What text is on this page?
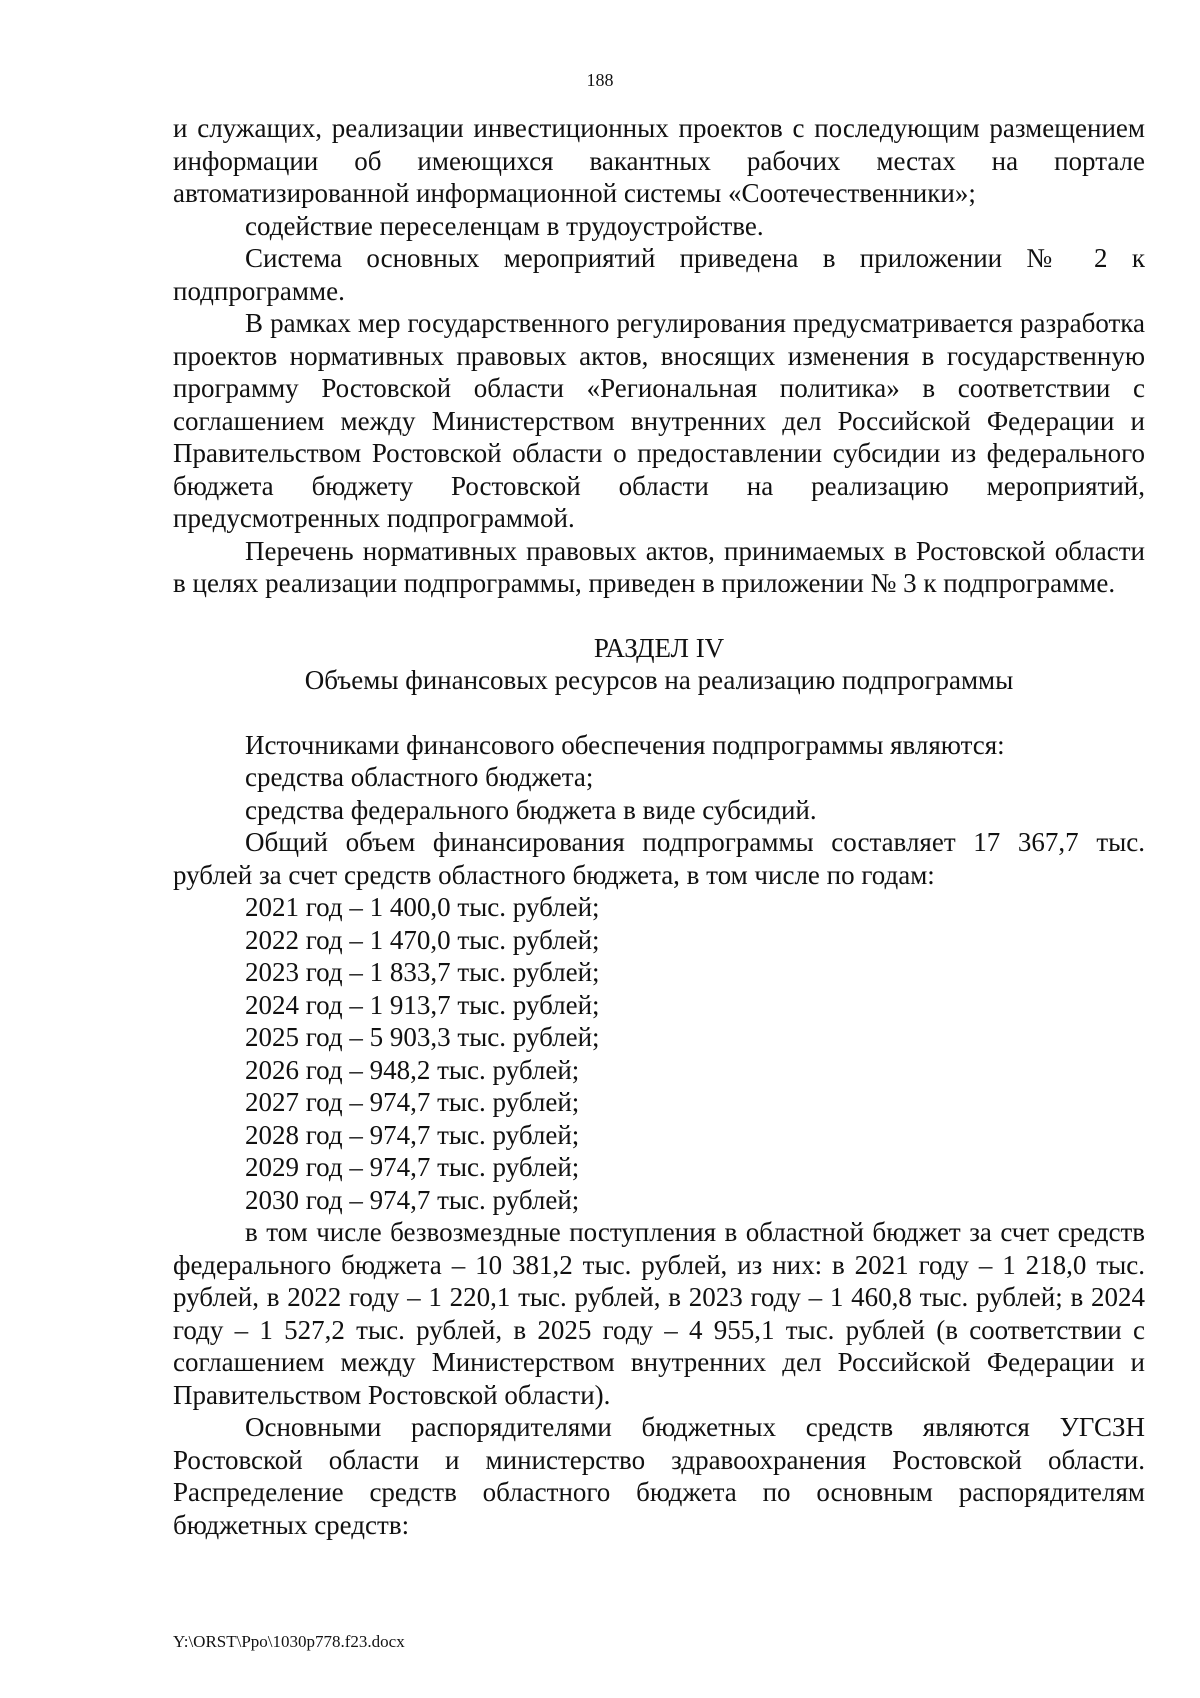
188

и служащих, реализации инвестиционных проектов с последующим размещением информации об имеющихся вакантных рабочих местах на портале автоматизированной информационной системы «Соотечественники»;

содействие переселенцам в трудоустройстве.

Система основных мероприятий приведена в приложении № 2 к подпрограмме.

В рамках мер государственного регулирования предусматривается разработка проектов нормативных правовых актов, вносящих изменения в государственную программу Ростовской области «Региональная политика» в соответствии с соглашением между Министерством внутренних дел Российской Федерации и Правительством Ростовской области о предоставлении субсидии из федерального бюджета бюджету Ростовской области на реализацию мероприятий, предусмотренных подпрограммой.

Перечень нормативных правовых актов, принимаемых в Ростовской области в целях реализации подпрограммы, приведен в приложении № 3 к подпрограмме.

РАЗДЕЛ IV

Объемы финансовых ресурсов на реализацию подпрограммы

Источниками финансового обеспечения подпрограммы являются:

средства областного бюджета;

средства федерального бюджета в виде субсидий.

Общий объем финансирования подпрограммы составляет 17 367,7 тыс. рублей за счет средств областного бюджета, в том числе по годам:

2021 год – 1 400,0 тыс. рублей;

2022 год – 1 470,0 тыс. рублей;

2023 год – 1 833,7 тыс. рублей;

2024 год – 1 913,7 тыс. рублей;

2025 год – 5 903,3 тыс. рублей;

2026 год – 948,2 тыс. рублей;

2027 год – 974,7 тыс. рублей;

2028 год – 974,7 тыс. рублей;

2029 год – 974,7 тыс. рублей;

2030 год – 974,7 тыс. рублей;

в том числе безвозмездные поступления в областной бюджет за счет средств федерального бюджета – 10 381,2 тыс. рублей, из них: в 2021 году – 1 218,0 тыс. рублей, в 2022 году – 1 220,1 тыс. рублей, в 2023 году – 1 460,8 тыс. рублей; в 2024 году – 1 527,2 тыс. рублей, в 2025 году – 4 955,1 тыс. рублей (в соответствии с соглашением между Министерством внутренних дел Российской Федерации и Правительством Ростовской области).

Основными распорядителями бюджетных средств являются УГСЗН Ростовской области и министерство здравоохранения Ростовской области. Распределение средств областного бюджета по основным распорядителям бюджетных средств:

Y:\ORST\Ppo\1030p778.f23.docx
